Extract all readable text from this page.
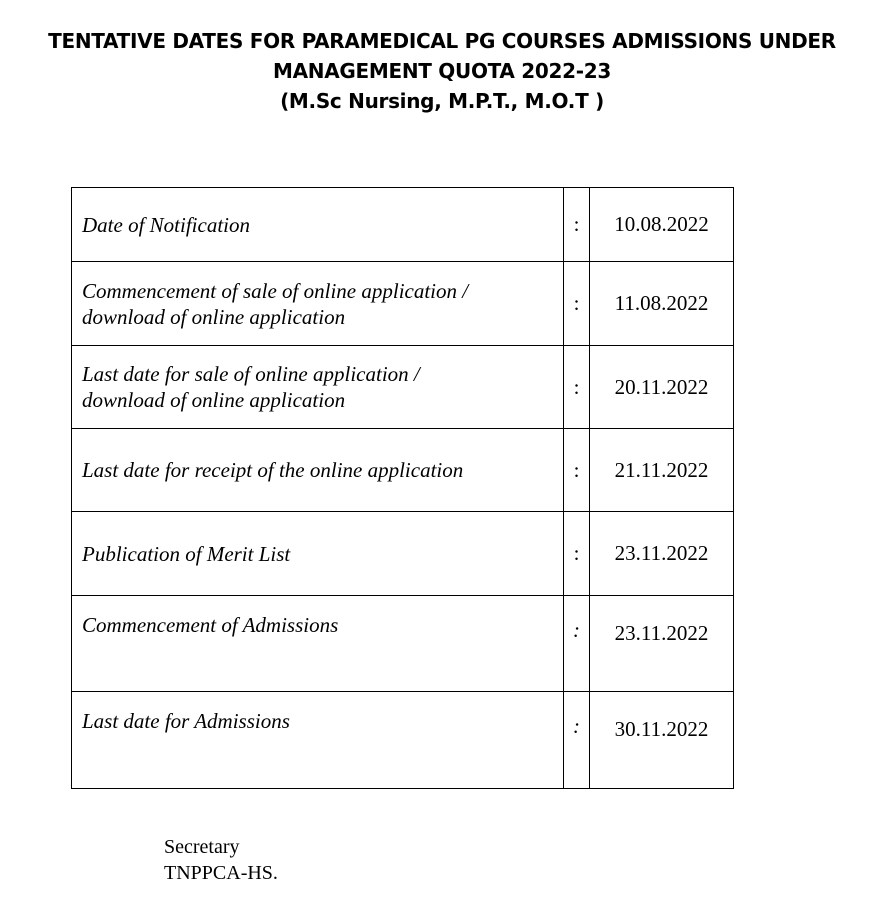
TENTATIVE DATES FOR PARAMEDICAL PG COURSES ADMISSIONS UNDER
MANAGEMENT QUOTA 2022-23
(M.Sc Nursing, M.P.T., M.O.T )
Date of Notification	:	10.08.2022

Commencement of sale of online application /
download of online application	:	11.08.2022

Last date for sale of online application /
download of online application	:	20.11.2022
Last date for receipt of the online application	:	21.11.2022
Publication of Merit List	:	23.11.2022
Commencement of Admissions	:	23.11.2022
Last date for Admissions	:	30.11.2022
Secretary
TNPPCA-HS.
